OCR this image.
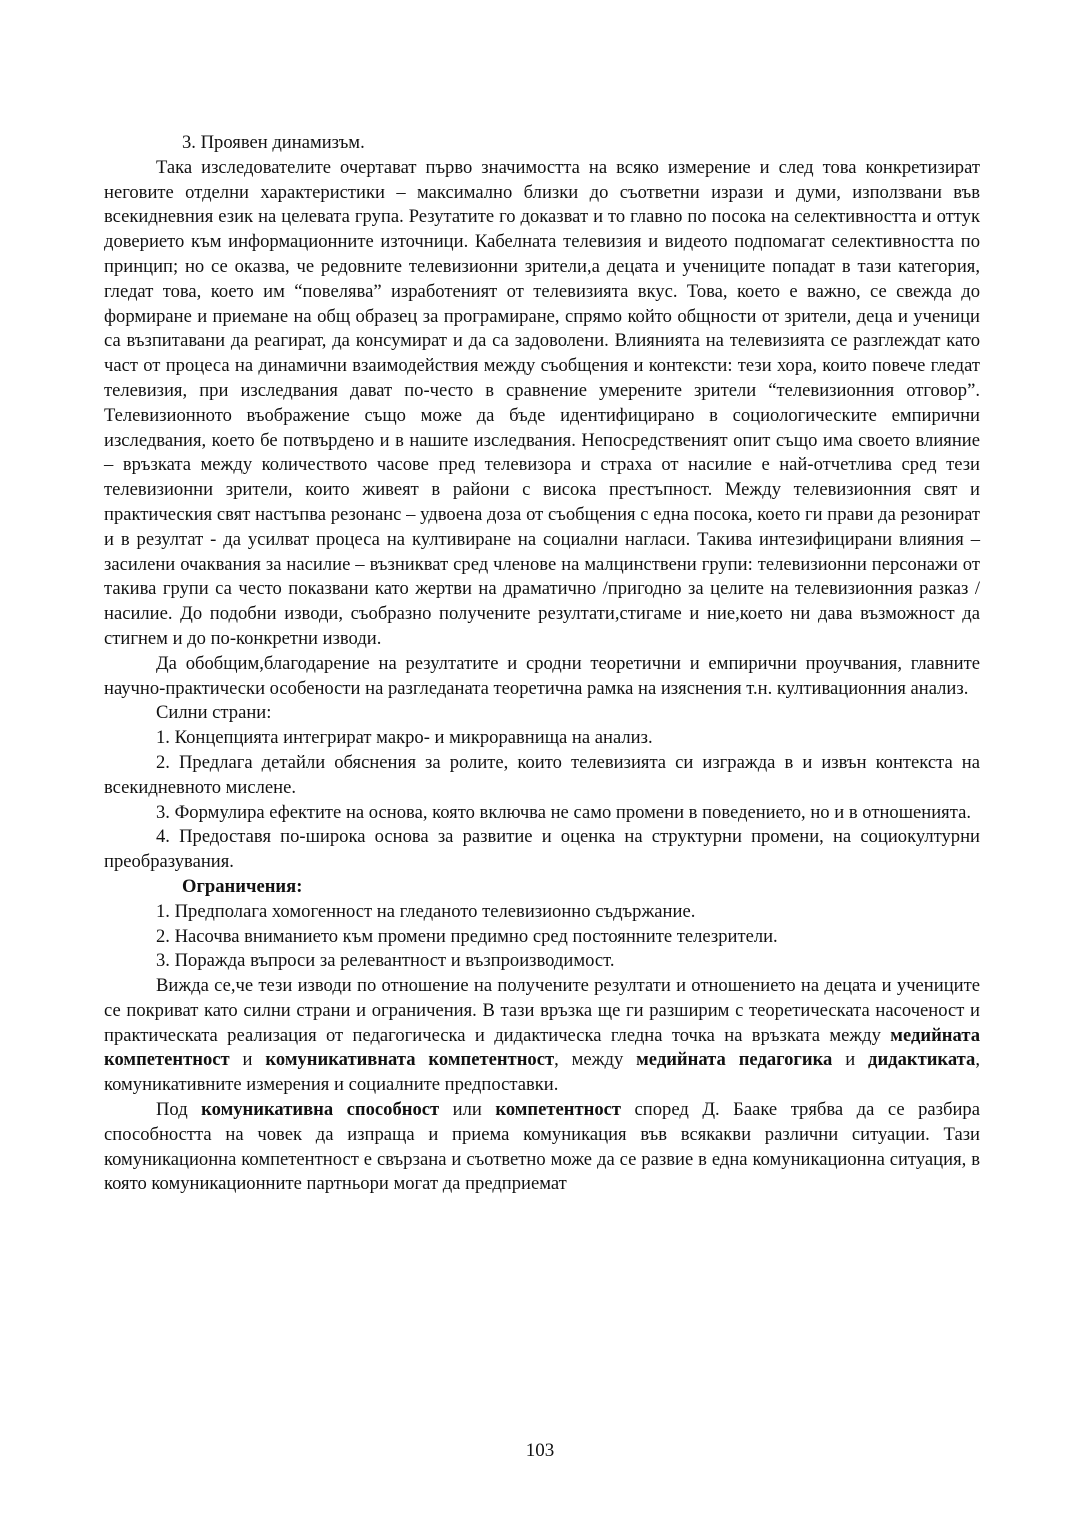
3. Проявен динамизъм.

Така изследователите очертават първо значимостта на всяко измерение и след това конкретизират неговите отделни характеристики – максимално близки до съответни изрази и думи, използвани във всекидневния език на целевата група. Резутатите го доказват и то главно по посока на селективността и оттук доверието към информационните източници. Кабелната телевизия и видеото подпомагат селективността по принцип; но се оказва, че редовните телевизионни зрители,а децата и учениците попадат в тази категория, гледат това, което им “повелява” изработеният от телевизията вкус. Това, което е важно, се свежда до формиране и приемане на общ образец за програмиране, спрямо който общности от зрители, деца и ученици са възпитавани да реагират, да консумират и да са задоволени. Влиянията на телевизията се разглеждат като част от процеса на динамични взаимодействия между съобщения и контексти: тези хора, които повече гледат телевизия, при изследвания дават по-често в сравнение умерените зрители “телевизионния отговор”. Телевизионното въображение също може да бъде идентифицирано в социологическите емпирични изследвания, което бе потвърдено и в нашите изследвания. Непосредственият опит също има своето влияние – връзката между количеството часове пред телевизора и страха от насилие е най-отчетлива сред тези телевизионни зрители, които живеят в райони с висока престъпност. Между телевизионния свят и практическия свят настъпва резонанс – удвоена доза от съобщения с една посока, което ги прави да резонират и в резултат - да усилват процеса на култивиране на социални нагласи. Такива интезифицирани влияния – засилени очаквания за насилие – възникват сред членове на малцинствени групи: телевизионни персонажи от такива групи са често показвани като жертви на драматично /пригодно за целите на телевизионния разказ / насилие. До подобни изводи, съобразно получените резултати,стигаме и ние,което ни дава възможност да стигнем и до по-конкретни изводи.

Да обобщим,благодарение на резултатите и сродни теоретични и емпирични проучвания, главните научно-практически особености на разгледаната теоретична рамка на изяснения т.н. култивационния анализ.

Силни страни:

1. Концепцията интегрират макро- и микроравнища на анализ.

2. Предлага детайли обяснения за ролите, които телевизията си изгражда в и извън контекста на всекидневното мислене.

3. Формулира ефектите на основа, която включва не само промени в поведението, но и в отношенията.

4. Предоставя по-широка основа за развитие и оценка на структурни промени, на социокултурни преобразувания.

Ограничения:

1. Предполага хомогенност на гледаното телевизионно съдържание.

2. Насочва вниманието към промени предимно сред постоянните телезрители.

3. Поражда въпроси за релевантност и възпроизводимост.

Вижда се,че тези изводи по отношение на получените резултати и отношението на децата и учениците се покриват като силни страни и ограничения. В тази връзка ще ги разширим с теоретическата насоченост и практическата реализация от педагогическа и дидактическа гледна точка на връзката между медийната компетентност и комуникативната компетентност, между медийната педагогика и дидактиката, комуникативните измерения и социалните предпоставки.

Под комуникативна способност или компетентност според Д. Бааке трябва да се разбира способността на човек да изпраща и приема комуникация във всякакви различни ситуации. Тази комуникационна компетентност е свързана и съответно може да се развие в една комуникационна ситуация, в която комуникационните партньори могат да предприемат

103
